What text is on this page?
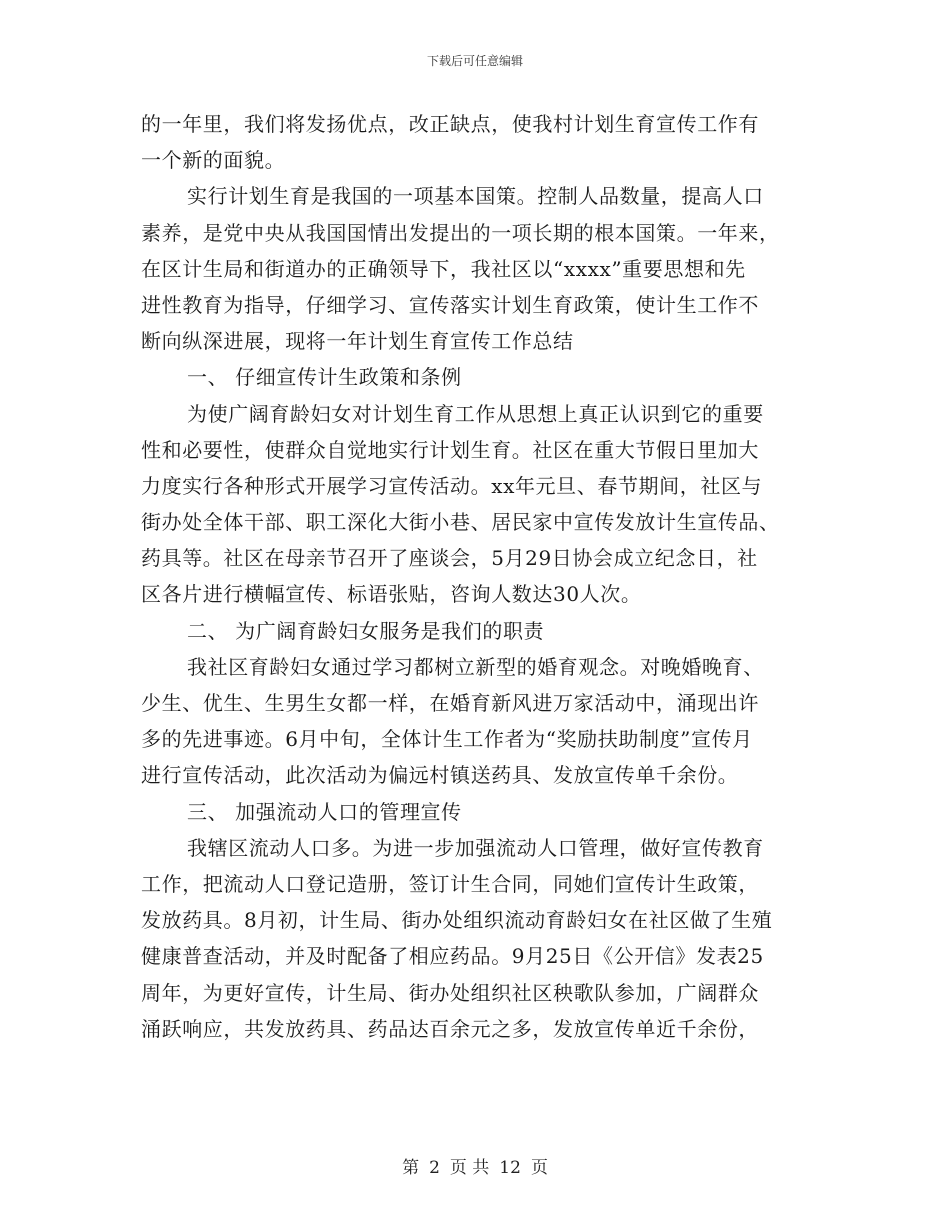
下载后可任意编辑
的一年里，我们将发扬优点，改正缺点，使我村计划生育宣传工作有
一个新的面貌。
实行计划生育是我国的一项基本国策。控制人品数量，提高人口
素养，是党中央从我国国情出发提出的一项长期的根本国策。一年来，
在区计生局和街道办的正确领导下，我社区以“xxxx”重要思想和先
进性教育为指导，仔细学习、宣传落实计划生育政策，使计生工作不
断向纵深进展，现将一年计划生育宣传工作总结
一、 仔细宣传计生政策和条例
为使广阔育龄妇女对计划生育工作从思想上真正认识到它的重要
性和必要性，使群众自觉地实行计划生育。社区在重大节假日里加大
力度实行各种形式开展学习宣传活动。xx年元旦、春节期间，社区与
街办处全体干部、职工深化大街小巷、居民家中宣传发放计生宣传品、
药具等。社区在母亲节召开了座谈会，5月29日协会成立纪念日，社
区各片进行横幅宣传、标语张贴，咨询人数达30人次。
二、 为广阔育龄妇女服务是我们的职责
我社区育龄妇女通过学习都树立新型的婚育观念。对晚婚晚育、
少生、优生、生男生女都一样，在婚育新风进万家活动中，涌现出许
多的先进事迹。6月中旬，全体计生工作者为“奖励扶助制度”宣传月
进行宣传活动，此次活动为偏远村镇送药具、发放宣传单千余份。
三、 加强流动人口的管理宣传
我辖区流动人口多。为进一步加强流动人口管理，做好宣传教育
工作，把流动人口登记造册，签订计生合同，同她们宣传计生政策，
发放药具。8月初，计生局、街办处组织流动育龄妇女在社区做了生殖
健康普查活动，并及时配备了相应药品。9月25日《公开信》发表25
周年，为更好宣传，计生局、街办处组织社区秧歌队参加，广阔群众
涌跃响应，共发放药具、药品达百余元之多，发放宣传单近千余份，
第 2 页 共 12 页
